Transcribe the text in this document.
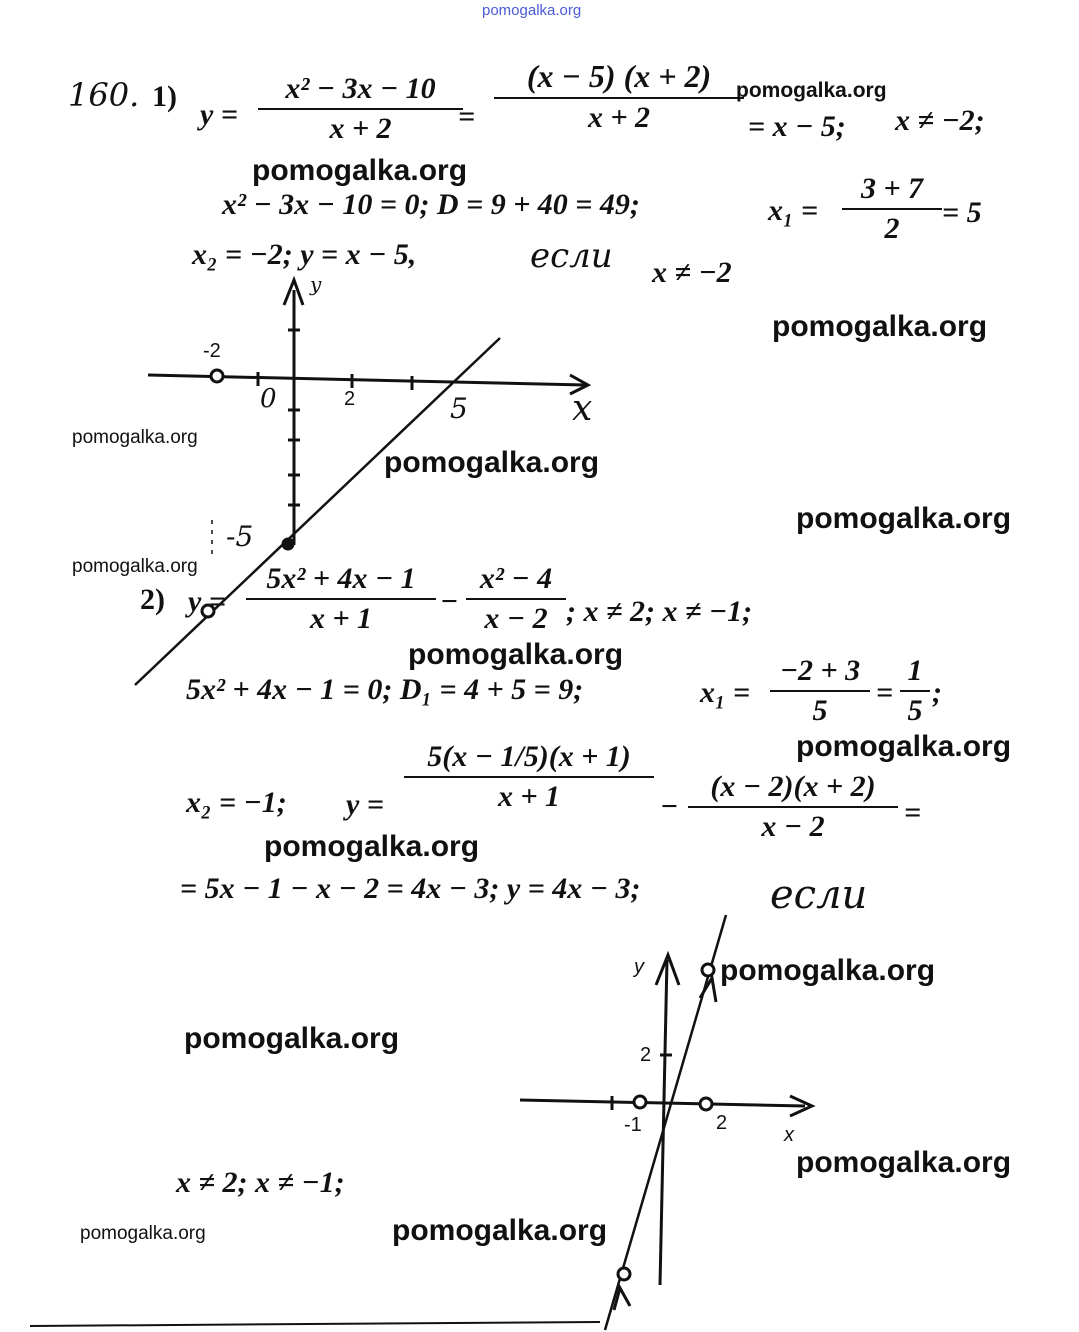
pomogalka.org
160. 1)
y =
x² − 3x − 10
x + 2	=
(x − 5) (x + 2)
x + 2	= x − 5; x ≠ −2;
x² − 3x − 10 = 0; D = 9 + 40 = 49;	x₁ =
3 + 7
2	= 5
x₂ = −2; y = x − 5,	если x ≠ −2
y
x
-2
0	2	5
-5
2) y =
5x² + 4x − 1
x + 1
−
x² − 4
x − 2 ; x ≠ 2; x ≠ −1;
5x² + 4x − 1 = 0; D₁ = 4 + 5 = 9;	x₁ =
−2 + 3
5
=
1
5
;
x₂ = −1; y =
5(x − 1/5)(x + 1)
x + 1	−
(x − 2)(x + 2)
x − 2	=
= 5x − 1 − x − 2 = 4x − 3; y = 4x − 3;	если
x ≠ 2; x ≠ −1;
y
x
2
-1	2
pomogalka.org
pomogalka.org
pomogalka.org
pomogalka.org
pomogalka.org
pomogalka.org
pomogalka.org
pomogalka.org
pomogalka.org
pomogalka.org
pomogalka.org
pomogalka.org
pomogalka.org
pomogalka.org	pomogalka.org
